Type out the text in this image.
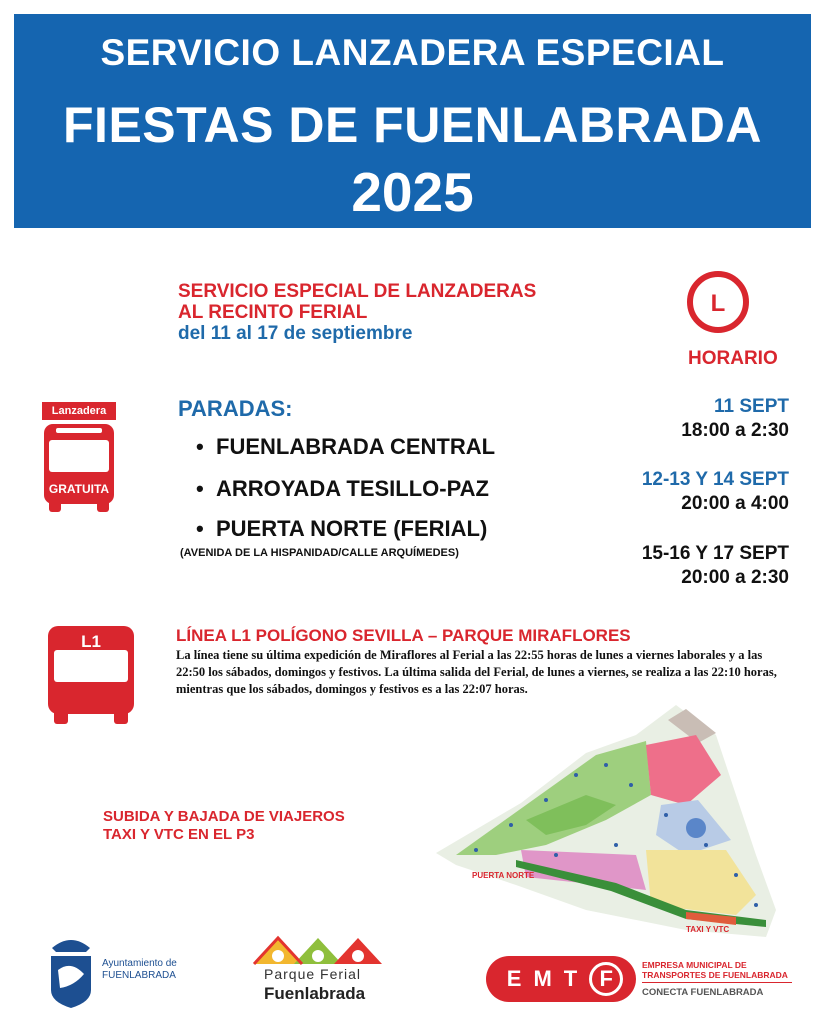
SERVICIO LANZADERA ESPECIAL
FIESTAS DE FUENLABRADA
2025
SERVICIO ESPECIAL DE LANZADERAS
AL RECINTO FERIAL
del 11 al 17 de septiembre
L
HORARIO
11 SEPT
18:00 a 2:30
12-13 Y 14 SEPT
20:00 a 4:00
15-16 Y 17 SEPT
20:00 a 2:30
Lanzadera
GRATUITA
PARADAS:
• FUENLABRADA CENTRAL
• ARROYADA TESILLO-PAZ
• PUERTA NORTE (FERIAL)
(AVENIDA DE LA HISPANIDAD/CALLE ARQUÍMEDES)
L1	LÍNEA L1 POLÍGONO SEVILLA – PARQUE MIRAFLORES
La línea tiene su última expedición de Miraflores al Ferial a las 22:55 horas de lunes a viernes laborales y a las 22:50 los sábados, domingos y festivos. La última salida del Ferial, de lunes a viernes, se realiza a las 22:10 horas, mientras que los sábados, domingos y festivos es a las 22:07 horas.
SUBIDA Y BAJADA DE VIAJEROS
TAXI Y VTC EN EL P3
PUERTA NORTE
TAXI Y VTC
Ayuntamiento de
FUENLABRADA	Parque Ferial
Fuenlabrada
EMT F
EMPRESA MUNICIPAL DE
TRANSPORTES DE FUENLABRADA
CONECTA FUENLABRADA
